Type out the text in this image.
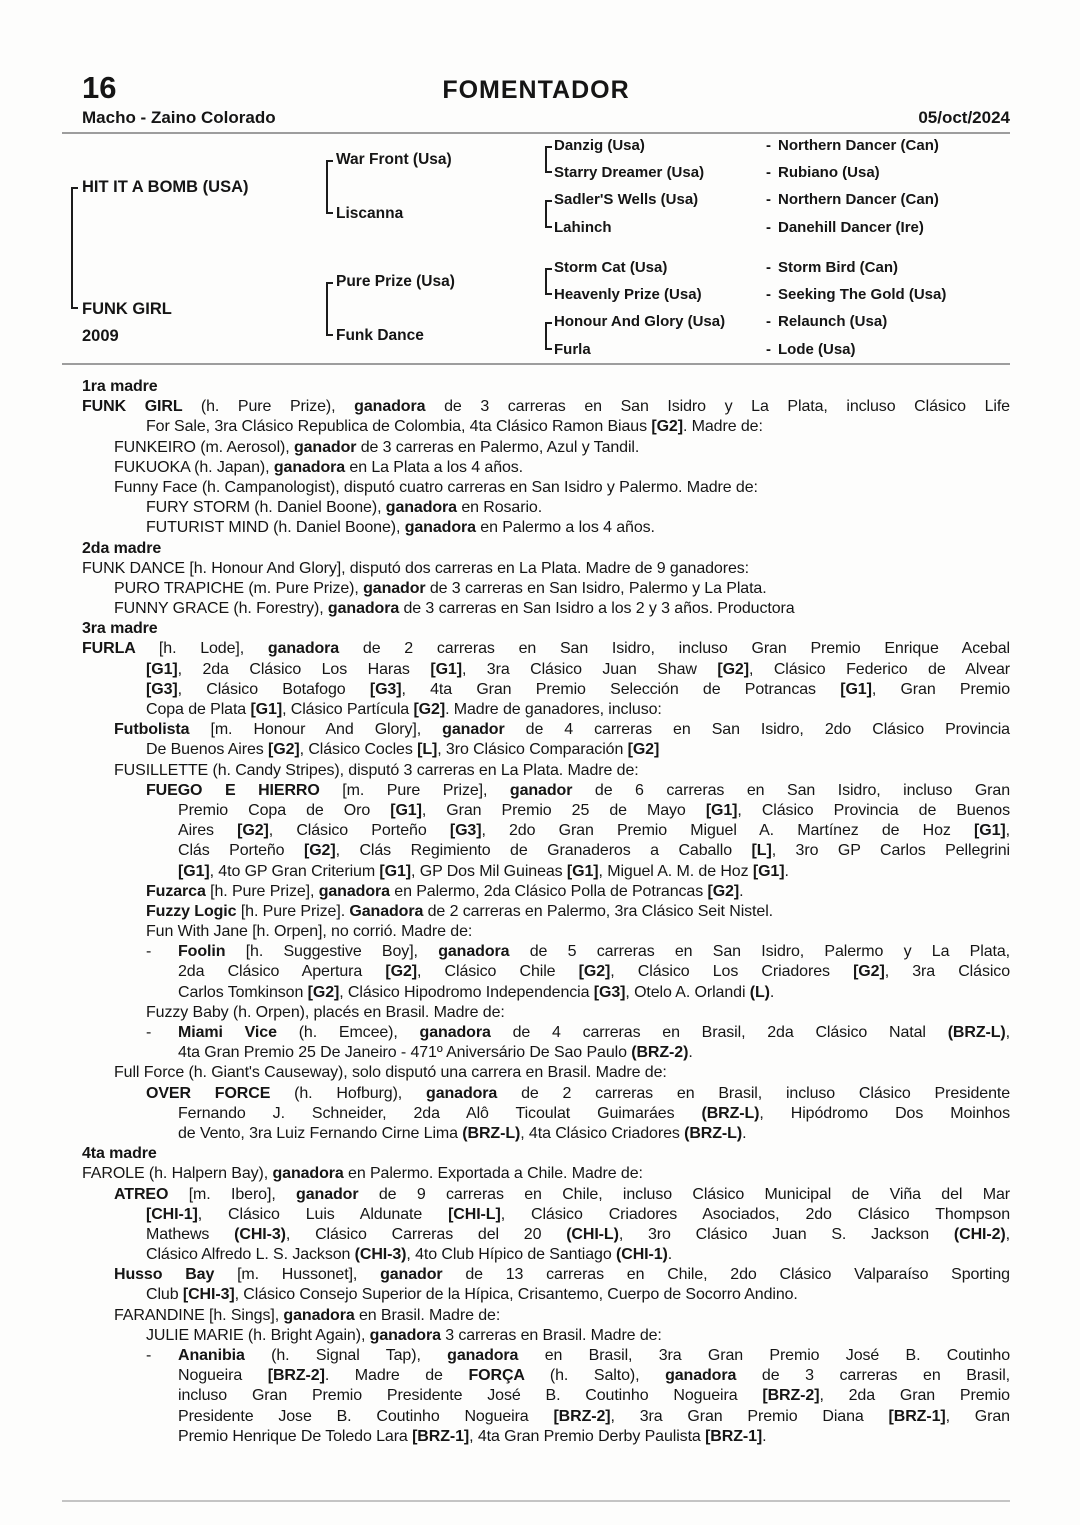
16	FOMENTADOR
Macho - Zaino Colorado	05/oct/2024
HIT IT A BOMB (USA)
FUNK GIRL
2009
War Front (Usa)
Liscanna
Pure Prize (Usa)
Funk Dance
Danzig (Usa)	- Northern Dancer (Can)
Starry Dreamer (Usa)	- Rubiano (Usa)
Sadler'S Wells (Usa)	- Northern Dancer (Can)
Lahinch	- Danehill Dancer (Ire)
Storm Cat (Usa)	- Storm Bird (Can)
Heavenly Prize (Usa)	- Seeking The Gold (Usa)
Honour And Glory (Usa)	- Relaunch (Usa)
Furla	- Lode (Usa)
1ra madre
FUNK GIRL (h. Pure Prize), ganadora de 3 carreras en San Isidro y La Plata, incluso Clásico Life
For Sale, 3ra Clásico Republica de Colombia, 4ta Clásico Ramon Biaus [G2]. Madre de:
FUNKEIRO (m. Aerosol), ganador de 3 carreras en Palermo, Azul y Tandil.
FUKUOKA (h. Japan), ganadora en La Plata a los 4 años.
Funny Face (h. Campanologist), disputó cuatro carreras en San Isidro y Palermo. Madre de:
FURY STORM (h. Daniel Boone), ganadora en Rosario.
FUTURIST MIND (h. Daniel Boone), ganadora en Palermo a los 4 años.
2da madre
FUNK DANCE [h. Honour And Glory], disputó dos carreras en La Plata. Madre de 9 ganadores:
PURO TRAPICHE (m. Pure Prize), ganador de 3 carreras en San Isidro, Palermo y La Plata.
FUNNY GRACE (h. Forestry), ganadora de 3 carreras en San Isidro a los 2 y 3 años. Productora
3ra madre
FURLA [h. Lode], ganadora de 2 carreras en San Isidro, incluso Gran Premio Enrique Acebal
[G1], 2da Clásico Los Haras [G1], 3ra Clásico Juan Shaw [G2], Clásico Federico de Alvear
[G3], Clásico Botafogo [G3], 4ta Gran Premio Selección de Potrancas [G1], Gran Premio
Copa de Plata [G1], Clásico Partícula [G2]. Madre de ganadores, incluso:
Futbolista [m. Honour And Glory], ganador de 4 carreras en San Isidro, 2do Clásico Provincia
De Buenos Aires [G2], Clásico Cocles [L], 3ro Clásico Comparación [G2]
FUSILLETTE (h. Candy Stripes), disputó 3 carreras en La Plata. Madre de:
FUEGO E HIERRO [m. Pure Prize], ganador de 6 carreras en San Isidro, incluso Gran
Premio Copa de Oro [G1], Gran Premio 25 de Mayo [G1], Clásico Provincia de Buenos
Aires [G2], Clásico Porteño [G3], 2do Gran Premio Miguel A. Martínez de Hoz [G1],
Clás Porteño [G2], Clás Regimiento de Granaderos a Caballo [L], 3ro GP Carlos Pellegrini
[G1], 4to GP Gran Criterium [G1], GP Dos Mil Guineas [G1], Miguel A. M. de Hoz [G1].
Fuzarca [h. Pure Prize], ganadora en Palermo, 2da Clásico Polla de Potrancas [G2].
Fuzzy Logic [h. Pure Prize]. Ganadora de 2 carreras en Palermo, 3ra Clásico Seit Nistel.
Fun With Jane [h. Orpen], no corrió. Madre de:
- Foolin [h. Suggestive Boy], ganadora de 5 carreras en San Isidro, Palermo y La Plata,
2da Clásico Apertura [G2], Clásico Chile [G2], Clásico Los Criadores [G2], 3ra Clásico
Carlos Tomkinson [G2], Clásico Hipodromo Independencia [G3], Otelo A. Orlandi (L).
Fuzzy Baby (h. Orpen), placés en Brasil. Madre de:
- Miami Vice (h. Emcee), ganadora de 4 carreras en Brasil, 2da Clásico Natal (BRZ-L),
4ta Gran Premio 25 De Janeiro - 471º Aniversário De Sao Paulo (BRZ-2).
Full Force (h. Giant's Causeway), solo disputó una carrera en Brasil. Madre de:
OVER FORCE (h. Hofburg), ganadora de 2 carreras en Brasil, incluso Clásico Presidente
Fernando J. Schneider, 2da Alô Ticoulat Guimaráes (BRZ-L), Hipódromo Dos Moinhos
de Vento, 3ra Luiz Fernando Cirne Lima (BRZ-L), 4ta Clásico Criadores (BRZ-L).
4ta madre
FAROLE (h. Halpern Bay), ganadora en Palermo. Exportada a Chile. Madre de:
ATREO [m. Ibero], ganador de 9 carreras en Chile, incluso Clásico Municipal de Viña del Mar
[CHI-1], Clásico Luis Aldunate [CHI-L], Clásico Criadores Asociados, 2do Clásico Thompson
Mathews (CHI-3), Clásico Carreras del 20 (CHI-L), 3ro Clásico Juan S. Jackson (CHI-2),
Clásico Alfredo L. S. Jackson (CHI-3), 4to Club Hípico de Santiago (CHI-1).
Husso Bay [m. Hussonet], ganador de 13 carreras en Chile, 2do Clásico Valparaíso Sporting
Club [CHI-3], Clásico Consejo Superior de la Hípica, Crisantemo, Cuerpo de Socorro Andino.
FARANDINE [h. Sings], ganadora en Brasil. Madre de:
JULIE MARIE (h. Bright Again), ganadora 3 carreras en Brasil. Madre de:
- Ananibia (h. Signal Tap), ganadora en Brasil, 3ra Gran Premio José B. Coutinho
Nogueira [BRZ-2]. Madre de FORÇA (h. Salto), ganadora de 3 carreras en Brasil,
incluso Gran Premio Presidente José B. Coutinho Nogueira [BRZ-2], 2da Gran Premio
Presidente Jose B. Coutinho Nogueira [BRZ-2], 3ra Gran Premio Diana [BRZ-1], Gran
Premio Henrique De Toledo Lara [BRZ-1], 4ta Gran Premio Derby Paulista [BRZ-1].
